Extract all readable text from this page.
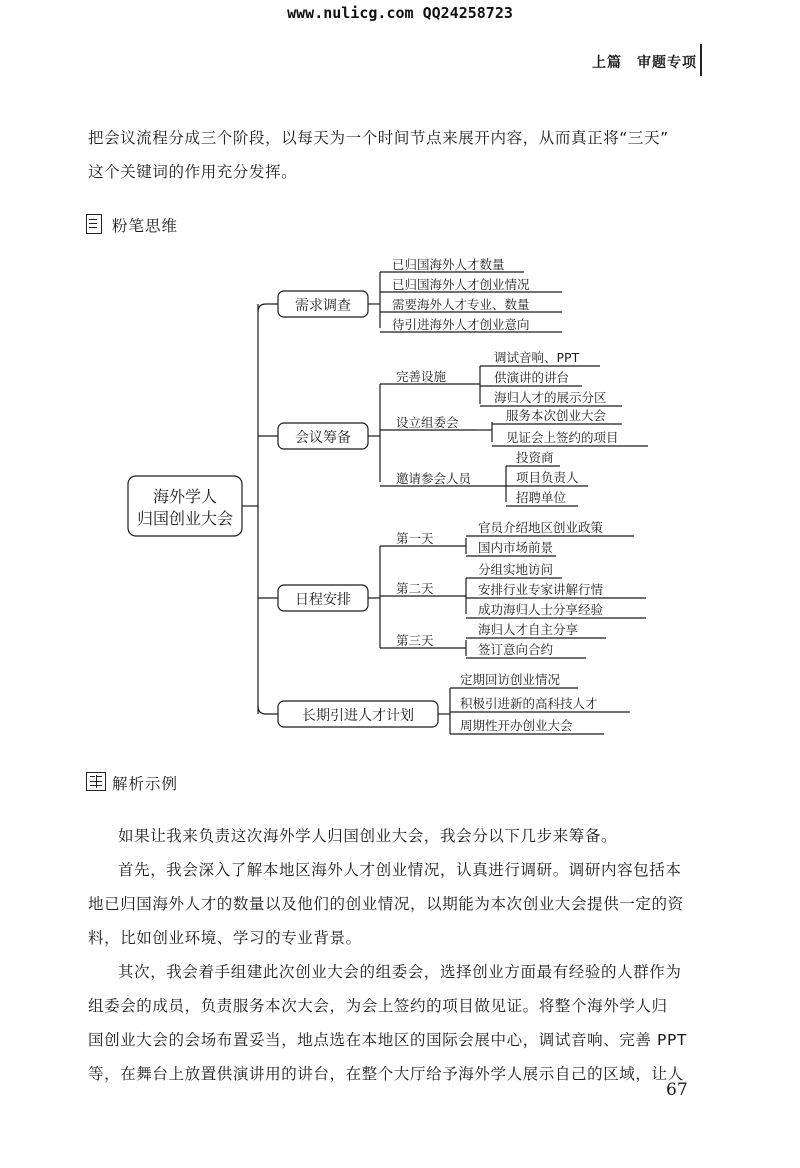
www.nulicg.com QQ24258723
上篇　审题专项
把会议流程分成三个阶段，以每天为一个时间节点来展开内容，从而真正将“三天”
这个关键词的作用充分发挥。
粉笔思维
海外学人
归国创业大会
需求调查
会议筹备
日程安排
长期引进人才计划
已归国海外人才数量
已归国海外人才创业情况
需要海外人才专业、数量
待引进海外人才创业意向
完善设施
设立组委会
邀请参会人员
调试音响、PPT
供演讲的讲台
海归人才的展示分区
服务本次创业大会
见证会上签约的项目
投资商
项目负责人
招聘单位
第一天
第二天
第三天
官员介绍地区创业政策
国内市场前景
分组实地访问
安排行业专家讲解行情
成功海归人士分享经验
海归人才自主分享
签订意向合约
定期回访创业情况
积极引进新的高科技人才
周期性开办创业大会
解析示例
如果让我来负责这次海外学人归国创业大会，我会分以下几步来筹备。
首先，我会深入了解本地区海外人才创业情况，认真进行调研。调研内容包括本
地已归国海外人才的数量以及他们的创业情况，以期能为本次创业大会提供一定的资
料，比如创业环境、学习的专业背景。
其次，我会着手组建此次创业大会的组委会，选择创业方面最有经验的人群作为
组委会的成员，负责服务本次大会，为会上签约的项目做见证。将整个海外学人归
国创业大会的会场布置妥当，地点选在本地区的国际会展中心，调试音响、完善 PPT
等，在舞台上放置供演讲用的讲台，在整个大厅给予海外学人展示自己的区域，让人
67
